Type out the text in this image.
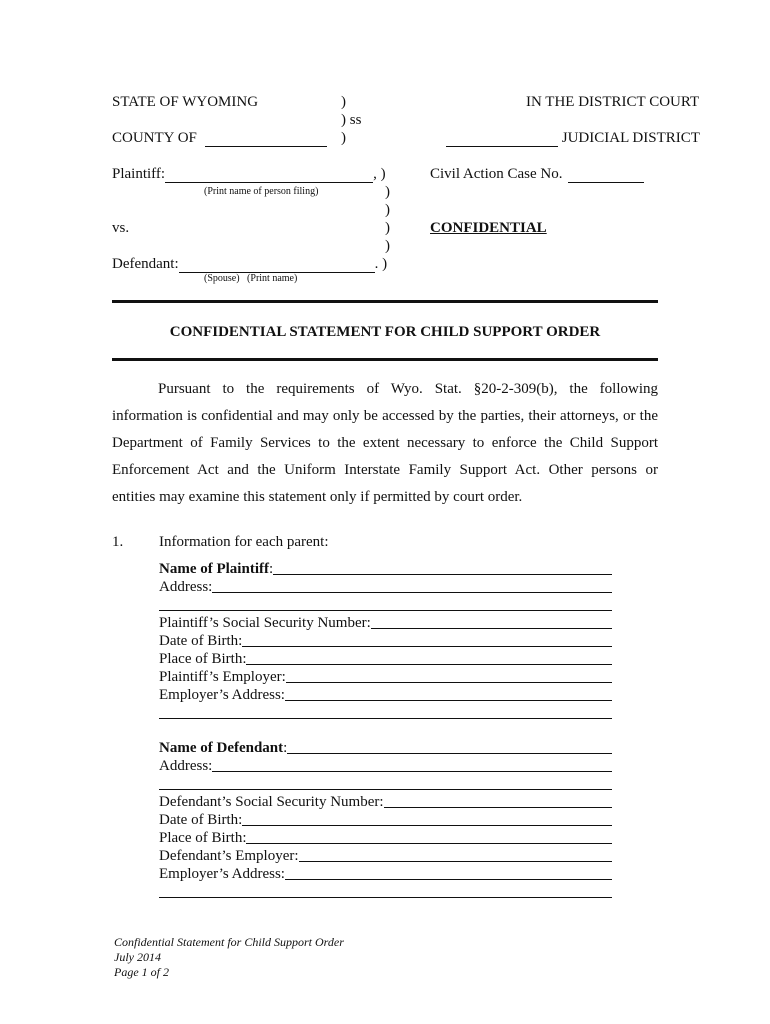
STATE OF WYOMING	)
) ss
)
IN THE DISTRICT COURT
COUNTY OF	JUDICIAL DISTRICT
Plaintiff:	, )
(Print name of person filing)
Civil Action Case No.
)
)
vs.	)	CONFIDENTIAL
)
Defendant:	. )
(Spouse)   (Print name)
CONFIDENTIAL STATEMENT FOR CHILD SUPPORT ORDER

Pursuant to the requirements of Wyo. Stat. §20-2-309(b), the following

information is confidential and may only be accessed by the parties, their attorneys, or the

Department of Family Services to the extent necessary to enforce the Child Support

Enforcement Act and the Uniform Interstate Family Support Act. Other persons or

entities may examine this statement only if permitted by court order.

1. Information for each parent:
Name of Plaintiff:
Address:
Plaintiff’s Social Security Number:
Date of Birth:
Place of Birth:
Plaintiff’s Employer:
Employer’s Address:
Name of Defendant:
Address:
Defendant’s Social Security Number:
Date of Birth:
Place of Birth:
Defendant’s Employer:
Employer’s Address:
Confidential Statement for Child Support Order
July 2014
Page 1 of 2
